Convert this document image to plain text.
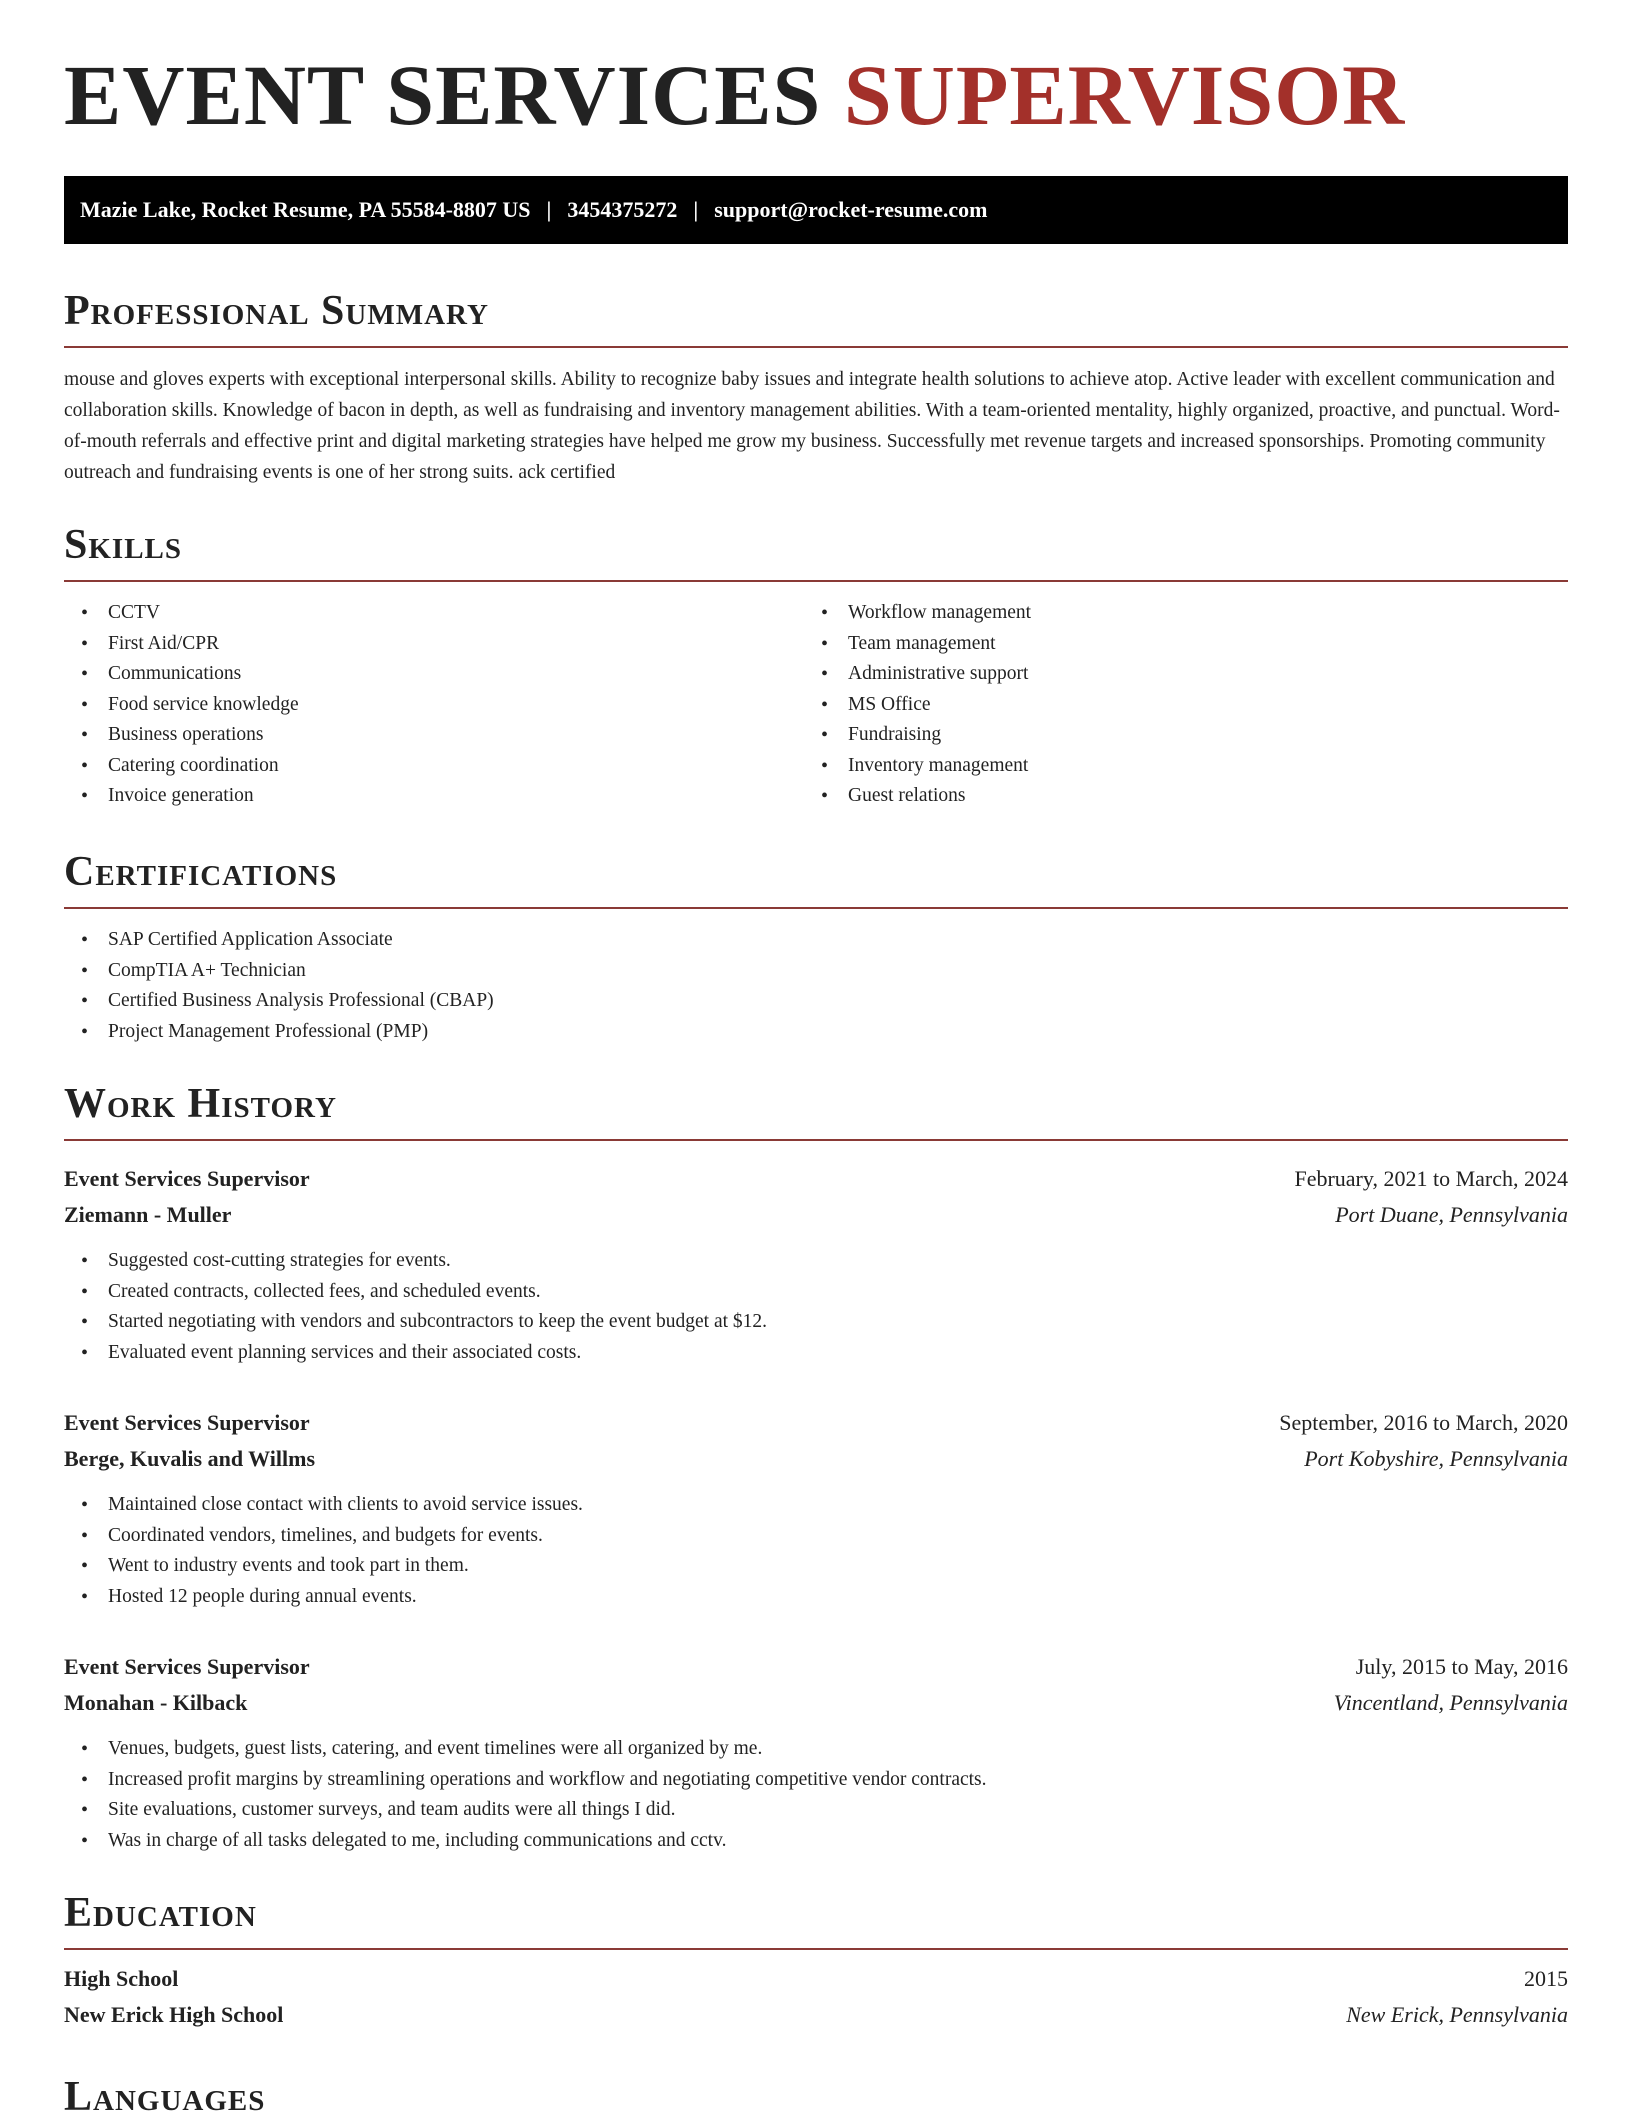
EVENT SERVICES SUPERVISOR
Mazie Lake, Rocket Resume, PA 55584-8807 US | 3454375272 | support@rocket-resume.com
Professional Summary

mouse and gloves experts with exceptional interpersonal skills. Ability to recognize baby issues and integrate health solutions to achieve atop. Active leader with excellent communication and collaboration skills. Knowledge of bacon in depth, as well as fundraising and inventory management abilities. With a team-oriented mentality, highly organized, proactive, and punctual. Word-of-mouth referrals and effective print and digital marketing strategies have helped me grow my business. Successfully met revenue targets and increased sponsorships. Promoting community outreach and fundraising events is one of her strong suits. ack certified

Skills
• CCTV
• First Aid/CPR
• Communications
• Food service knowledge
• Business operations
• Catering coordination
• Invoice generation
• Workflow management
• Team management
• Administrative support
• MS Office
• Fundraising
• Inventory management
• Guest relations
Certifications
• SAP Certified Application Associate
• CompTIA A+ Technician
• Certified Business Analysis Professional (CBAP)
• Project Management Professional (PMP)
Work History
Event Services Supervisor	February, 2021 to March, 2024
Ziemann - Muller	Port Duane, Pennsylvania
• Suggested cost-cutting strategies for events.
• Created contracts, collected fees, and scheduled events.
• Started negotiating with vendors and subcontractors to keep the event budget at $12.
• Evaluated event planning services and their associated costs.
Event Services Supervisor	September, 2016 to March, 2020
Berge, Kuvalis and Willms	Port Kobyshire, Pennsylvania
• Maintained close contact with clients to avoid service issues.
• Coordinated vendors, timelines, and budgets for events.
• Went to industry events and took part in them.
• Hosted 12 people during annual events.
Event Services Supervisor	July, 2015 to May, 2016
Monahan - Kilback	Vincentland, Pennsylvania
• Venues, budgets, guest lists, catering, and event timelines were all organized by me.
• Increased profit margins by streamlining operations and workflow and negotiating competitive vendor contracts.
• Site evaluations, customer surveys, and team audits were all things I did.
• Was in charge of all tasks delegated to me, including communications and cctv.
Education
High School	2015
New Erick High School	New Erick, Pennsylvania
Languages
